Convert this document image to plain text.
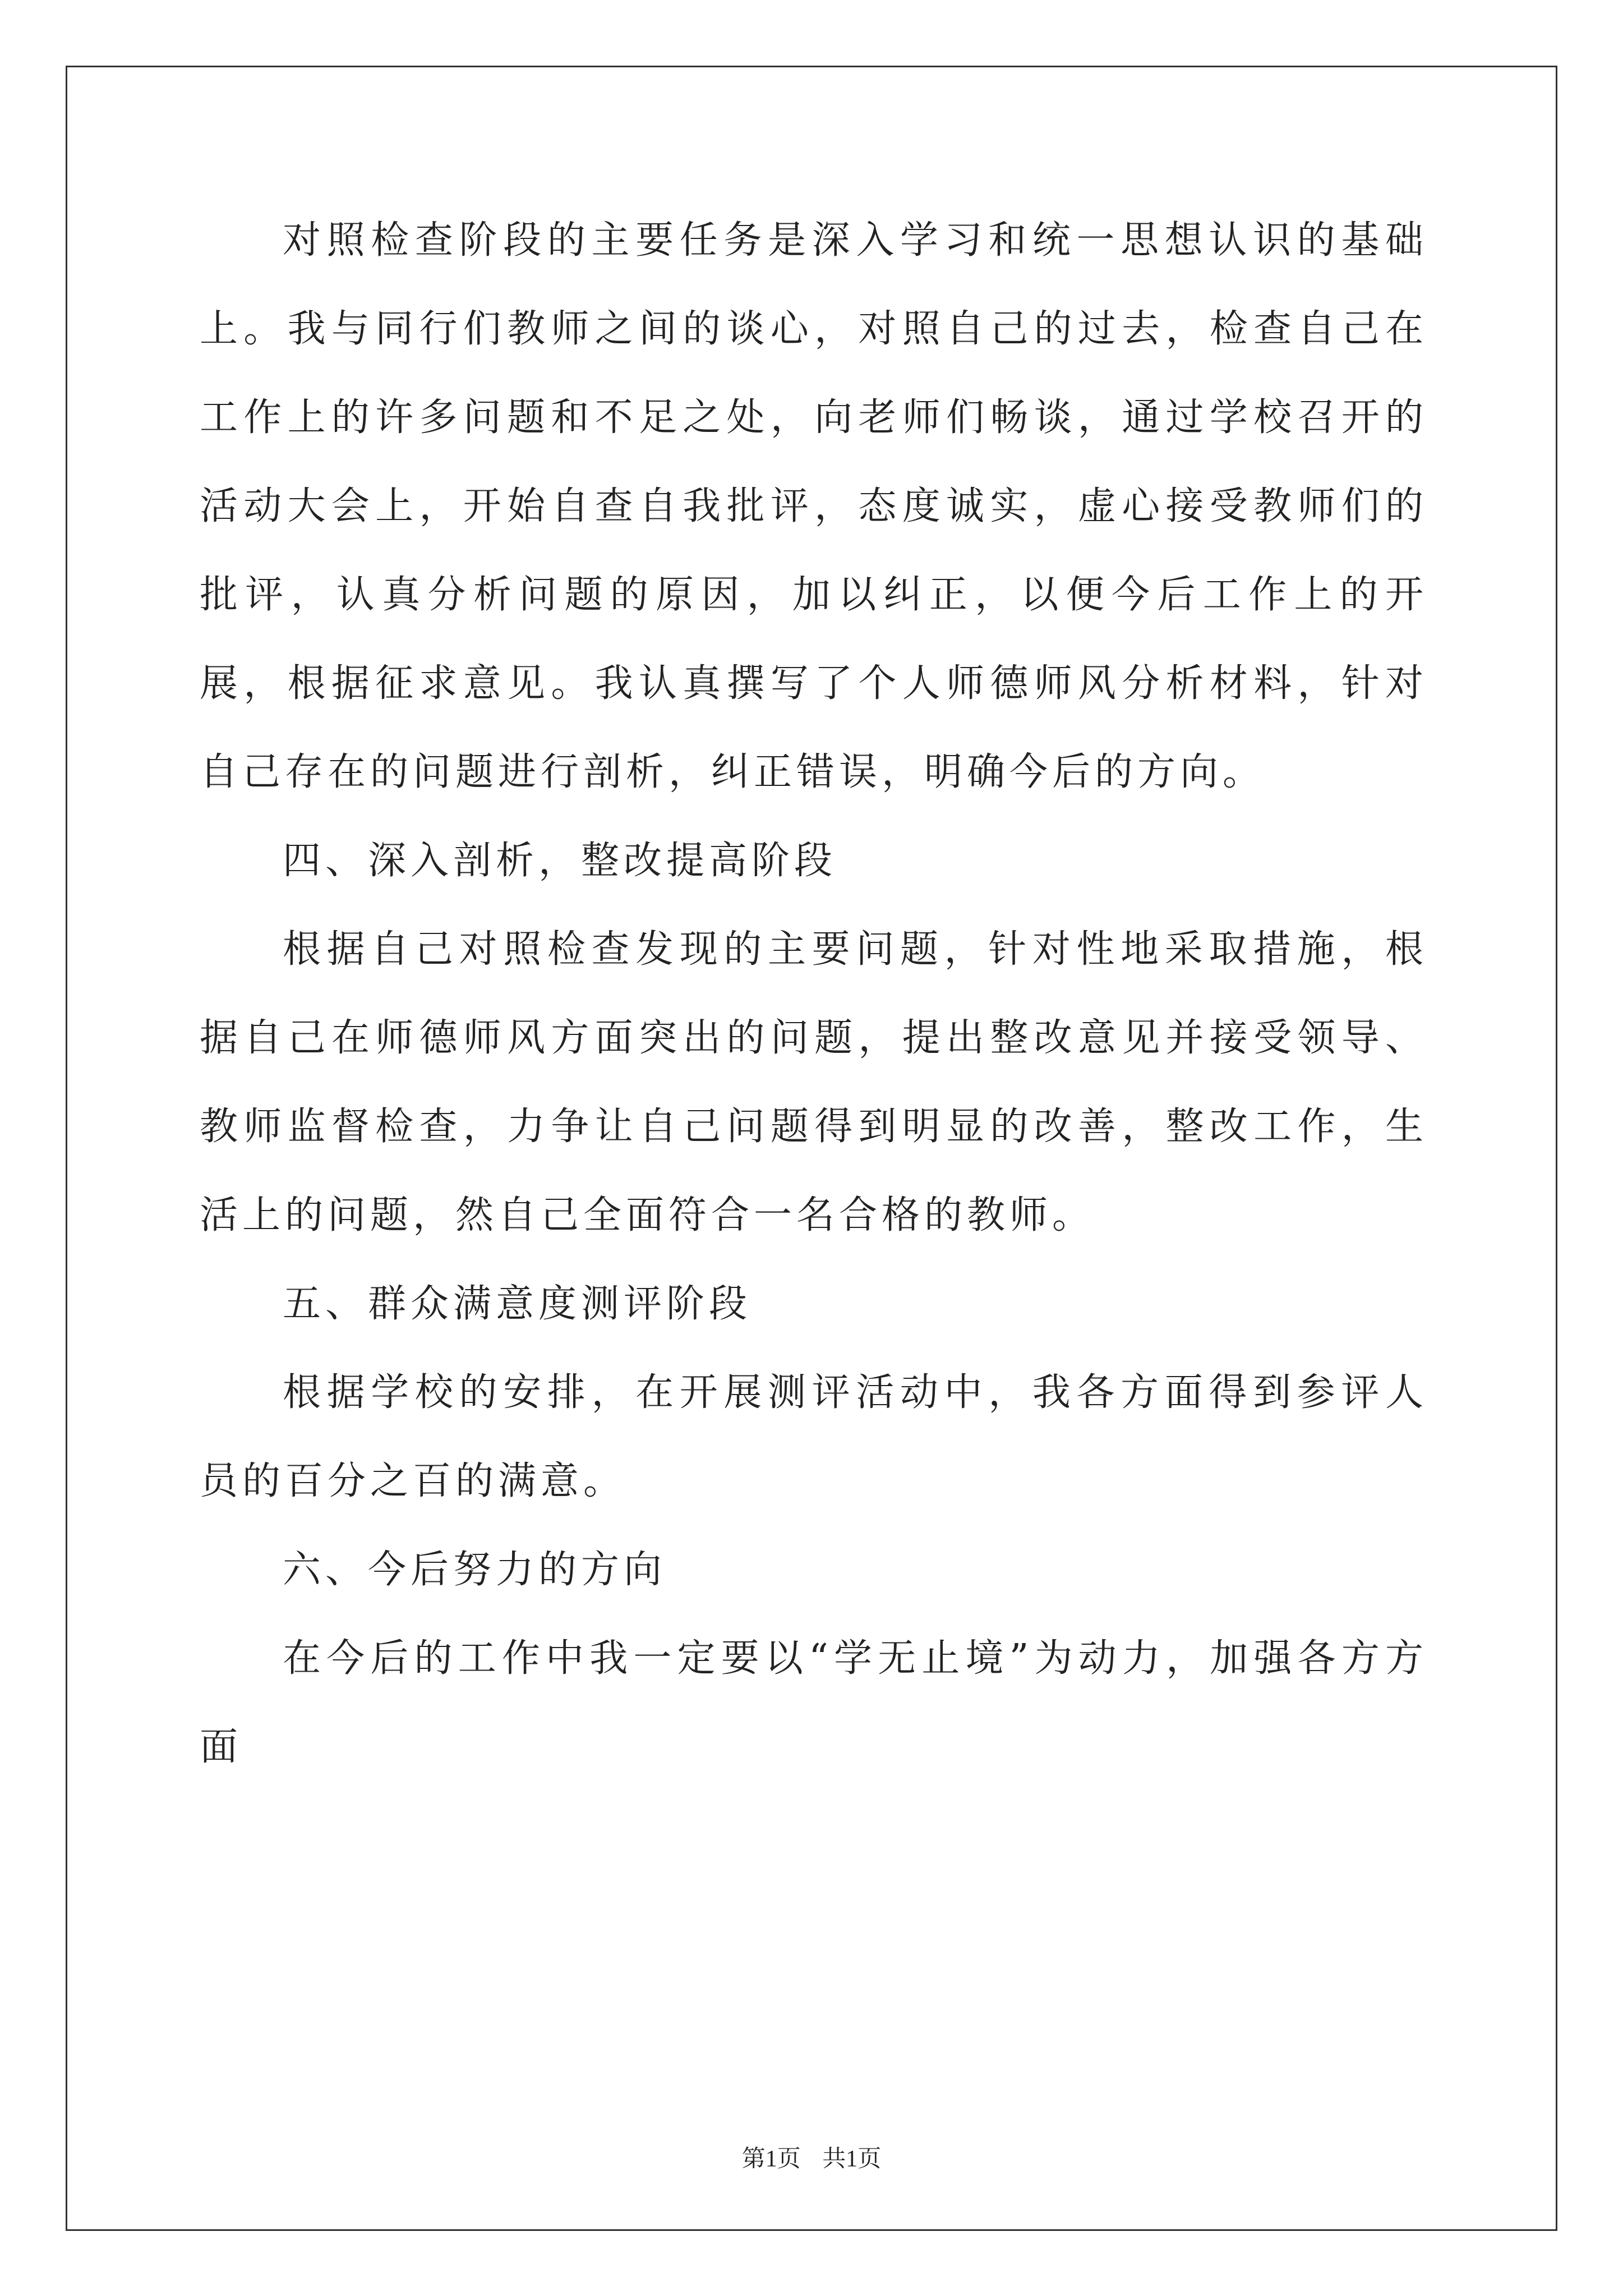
对照检查阶段的主要任务是深入学习和统一思想认识的基础上。我与同行们教师之间的谈心，对照自己的过去，检查自己在工作上的许多问题和不足之处，向老师们畅谈，通过学校召开的活动大会上，开始自查自我批评，态度诚实，虚心接受教师们的批评，认真分析问题的原因，加以纠正，以便今后工作上的开展，根据征求意见。我认真撰写了个人师德师风分析材料，针对自己存在的问题进行剖析，纠正错误，明确今后的方向。

四、深入剖析，整改提高阶段

根据自己对照检查发现的主要问题，针对性地采取措施，根据自己在师德师风方面突出的问题，提出整改意见并接受领导、教师监督检查，力争让自己问题得到明显的改善，整改工作，生活上的问题，然自己全面符合一名合格的教师。

五、群众满意度测评阶段

根据学校的安排，在开展测评活动中，我各方面得到参评人员的百分之百的满意。

六、今后努力的方向

在今后的工作中我一定要以“学无止境”为动力，加强各方方面

第1页 共1页
